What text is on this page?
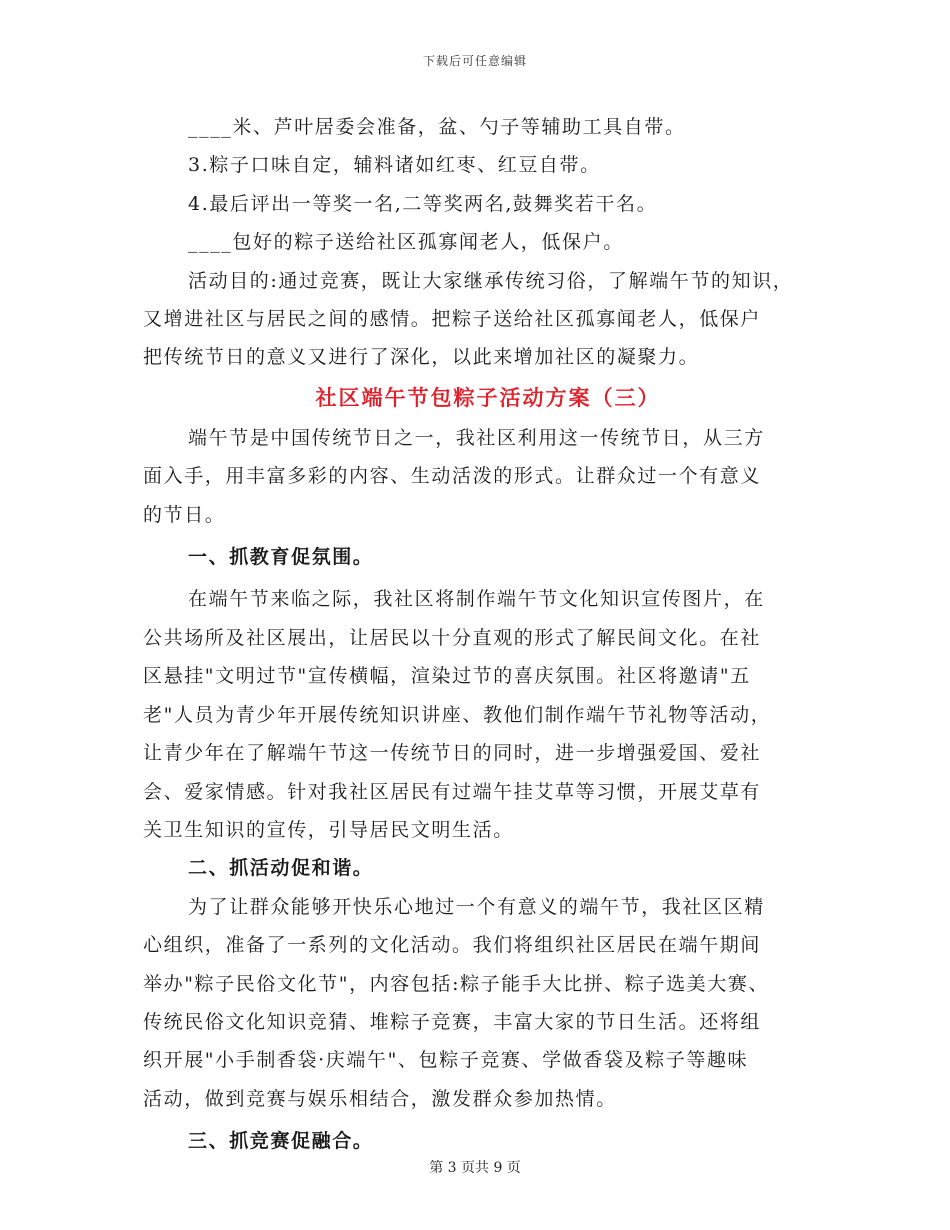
下载后可任意编辑

____米、芦叶居委会准备，盆、勺子等辅助工具自带。

3.粽子口味自定，辅料诸如红枣、红豆自带。

4.最后评出一等奖一名,二等奖两名,鼓舞奖若干名。

____包好的粽子送给社区孤寡闻老人，低保户。

活动目的:通过竞赛，既让大家继承传统习俗，了解端午节的知识，

又增进社区与居民之间的感情。把粽子送给社区孤寡闻老人，低保户

把传统节日的意义又进行了深化，以此来增加社区的凝聚力。

社区端午节包粽子活动方案（三）

端午节是中国传统节日之一，我社区利用这一传统节日，从三方

面入手，用丰富多彩的内容、生动活泼的形式。让群众过一个有意义

的节日。

一、抓教育促氛围。

在端午节来临之际，我社区将制作端午节文化知识宣传图片，在

公共场所及社区展出，让居民以十分直观的形式了解民间文化。在社

区悬挂"文明过节"宣传横幅，渲染过节的喜庆氛围。社区将邀请"五

老"人员为青少年开展传统知识讲座、教他们制作端午节礼物等活动，

让青少年在了解端午节这一传统节日的同时，进一步增强爱国、爱社

会、爱家情感。针对我社区居民有过端午挂艾草等习惯，开展艾草有

关卫生知识的宣传，引导居民文明生活。

二、抓活动促和谐。

为了让群众能够开快乐心地过一个有意义的端午节，我社区区精

心组织，准备了一系列的文化活动。我们将组织社区居民在端午期间

举办"粽子民俗文化节"，内容包括:粽子能手大比拼、粽子选美大赛、

传统民俗文化知识竞猜、堆粽子竞赛，丰富大家的节日生活。还将组

织开展"小手制香袋·庆端午"、包粽子竞赛、学做香袋及粽子等趣味

活动，做到竞赛与娱乐相结合，激发群众参加热情。

三、抓竞赛促融合。

第 3 页共 9 页
